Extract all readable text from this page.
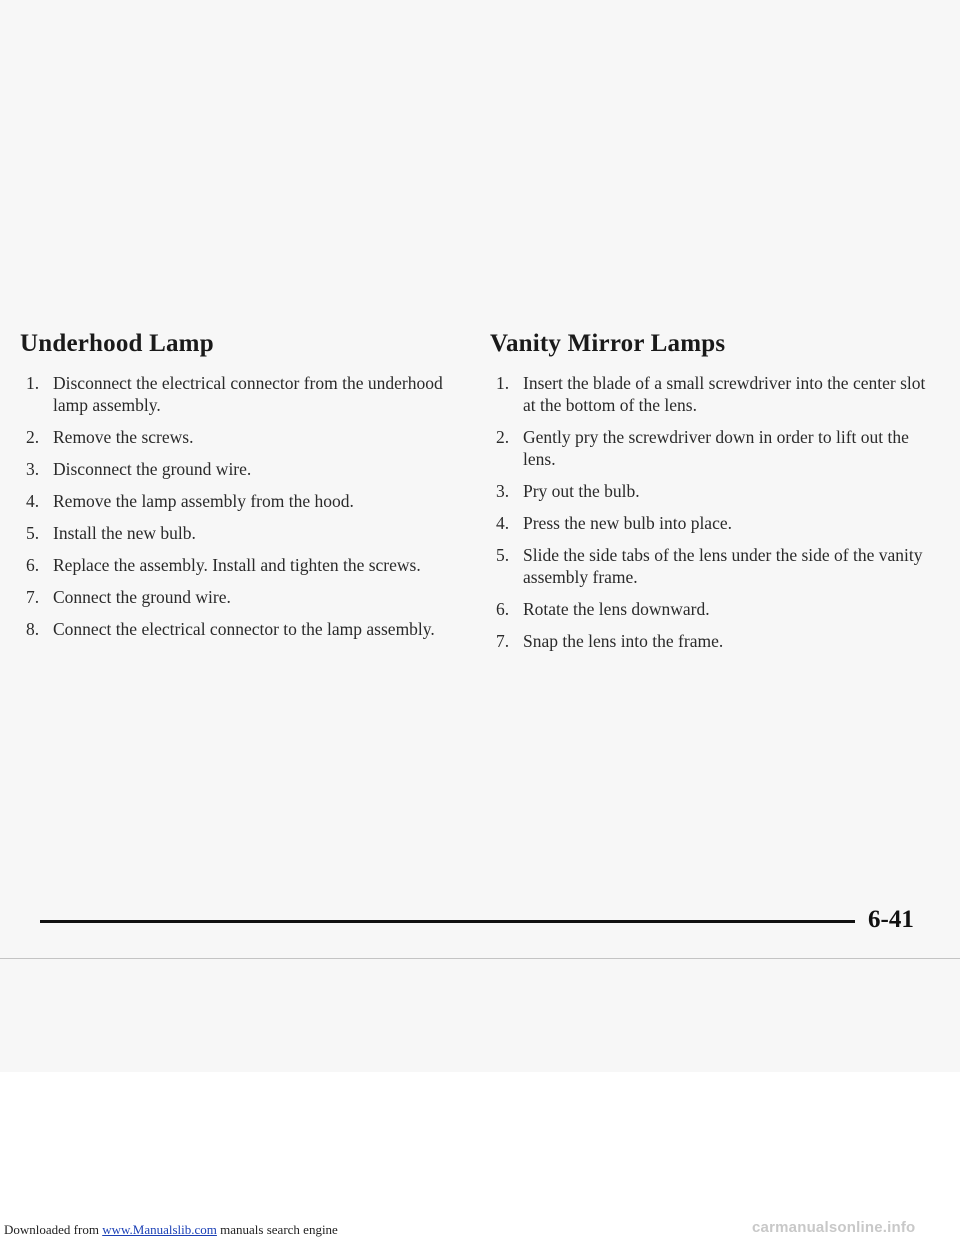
Underhood Lamp
1. Disconnect the electrical connector from the underhood lamp assembly.
2. Remove the screws.
3. Disconnect the ground wire.
4. Remove the lamp assembly from the hood.
5. Install the new bulb.
6. Replace the assembly. Install and tighten the screws.
7. Connect the ground wire.
8. Connect the electrical connector to the lamp assembly.
Vanity Mirror Lamps
1. Insert the blade of a small screwdriver into the center slot at the bottom of the lens.
2. Gently pry the screwdriver down in order to lift out the lens.
3. Pry out the bulb.
4. Press the new bulb into place.
5. Slide the side tabs of the lens under the side of the vanity assembly frame.
6. Rotate the lens downward.
7. Snap the lens into the frame.
6-41
Downloaded from www.Manualslib.com manuals search engine	carmanualsonline.info
